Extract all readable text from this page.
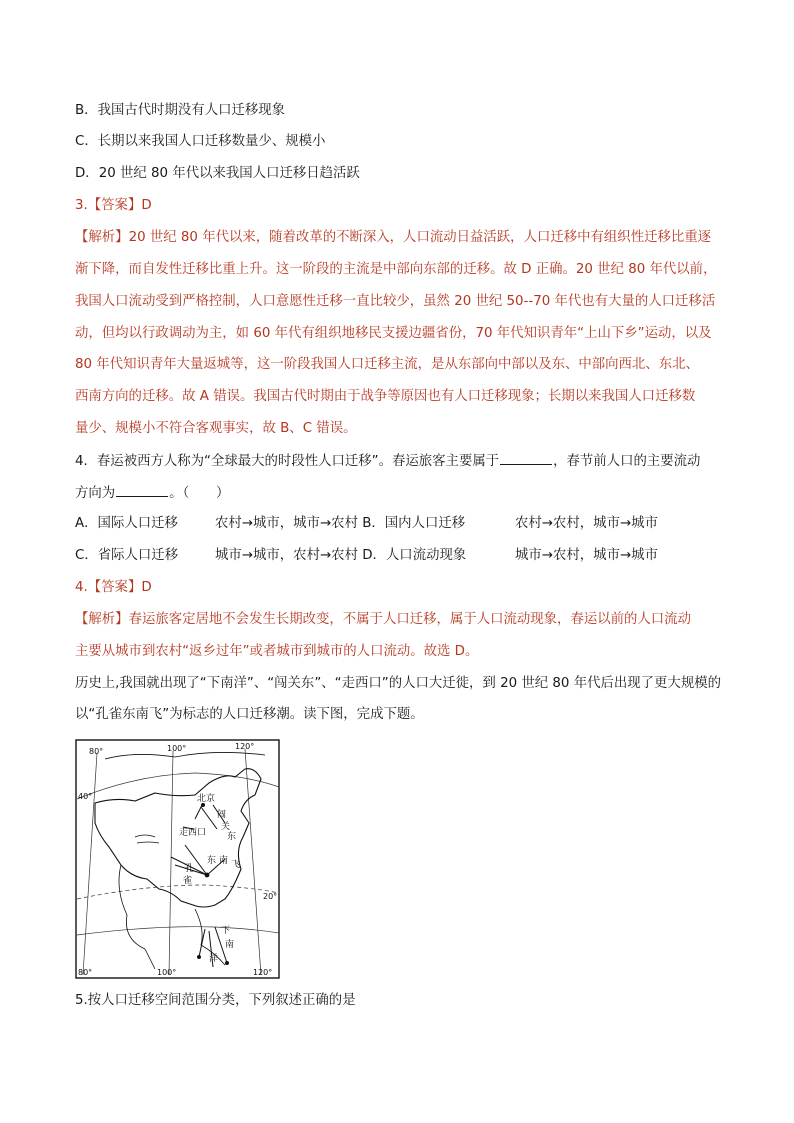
B．我国古代时期没有人口迁移现象
C．长期以来我国人口迁移数量少、规模小
D．20 世纪 80 年代以来我国人口迁移日趋活跃
3.【答案】D
【解析】20 世纪 80 年代以来，随着改革的不断深入，人口流动日益活跃，人口迁移中有组织性迁移比重逐
渐下降，而自发性迁移比重上升。这一阶段的主流是中部向东部的迁移。故 D 正确。20 世纪 80 年代以前，
我国人口流动受到严格控制，人口意愿性迁移一直比较少，虽然 20 世纪 50--70 年代也有大量的人口迁移活
动，但均以行政调动为主，如 60 年代有组织地移民支援边疆省份，70 年代知识青年“上山下乡”运动，以及
80 年代知识青年大量返城等，这一阶段我国人口迁移主流，是从东部向中部以及东、中部向西北、东北、
西南方向的迁移。故 A 错误。我国古代时期由于战争等原因也有人口迁移现象；长期以来我国人口迁移数
量少、规模小不符合客观事实，故 B、C 错误。
4．春运被西方人称为“全球最大的时段性人口迁移”。春运旅客主要属于	，春节前人口的主要流动
方向为	。（　　）
A．国际人口迁移	农村→城市，城市→农村 B．国内人口迁移	农村→农村，城市→城市
C．省际人口迁移	城市→城市，农村→农村 D．人口流动现象	城市→农村，城市→城市
4.【答案】D
【解析】春运旅客定居地不会发生长期改变，不属于人口迁移，属于人口流动现象，春运以前的人口流动
主要从城市到农村“返乡过年”或者城市到城市的人口流动。故选 D。
历史上,我国就出现了“下南洋”、“闯关东”、“走西口”的人口大迁徙，到 20 世纪 80 年代后出现了更大规模的
以“孔雀东南飞”为标志的人口迁移潮。读下图，完成下题。
80°	100°	120°
40°
20°
80°	100°	120°
北京
闯
关
东
走西口
东 南 飞
孔
雀
下
南
洋
5.按人口迁移空间范围分类，下列叙述正确的是
